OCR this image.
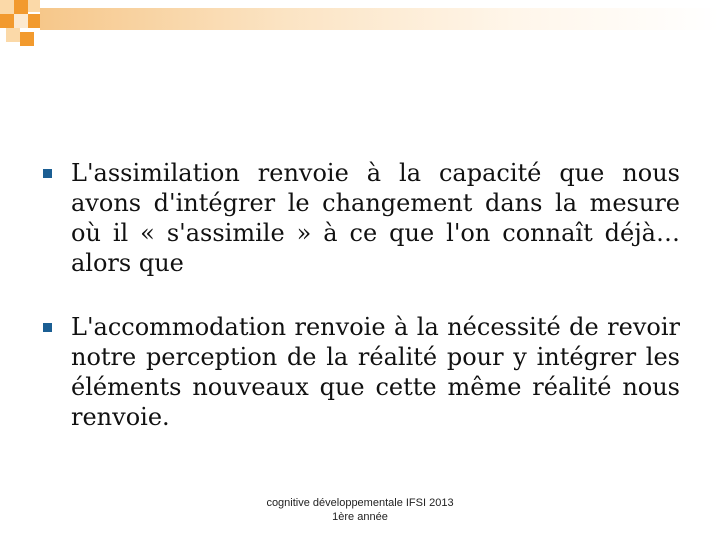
L'assimilation renvoie à la capacité que nous avons d'intégrer le changement dans la mesure où il « s'assimile » à ce que l'on connaît déjà… alors que

L'accommodation renvoie à la nécessité de revoir notre perception de la réalité pour y intégrer les éléments nouveaux que cette même réalité nous renvoie.

cognitive développementale IFSI 2013
1ère année
